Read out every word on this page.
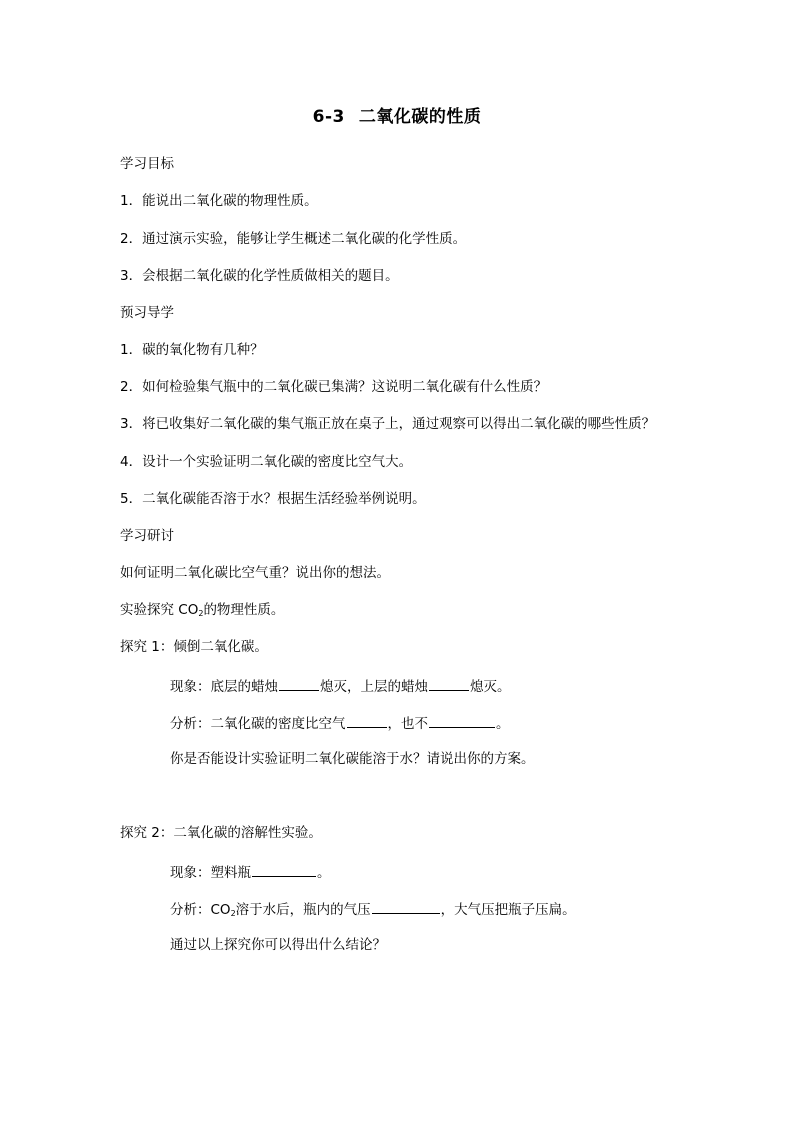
6-3 二氧化碳的性质
学习目标
1．能说出二氧化碳的物理性质。
2．通过演示实验，能够让学生概述二氧化碳的化学性质。
3．会根据二氧化碳的化学性质做相关的题目。
预习导学
1．碳的氧化物有几种？
2．如何检验集气瓶中的二氧化碳已集满？这说明二氧化碳有什么性质？
3．将已收集好二氧化碳的集气瓶正放在桌子上，通过观察可以得出二氧化碳的哪些性质？
4．设计一个实验证明二氧化碳的密度比空气大。
5．二氧化碳能否溶于水？根据生活经验举例说明。
学习研讨
如何证明二氧化碳比空气重？说出你的想法。
实验探究 $CO_2$的物理性质。
探究 1：倾倒二氧化碳。
现象：底层的蜡烛	熄灭，上层的蜡烛	熄灭。
分析：二氧化碳的密度比空气	，也不	。
你是否能设计实验证明二氧化碳能溶于水？请说出你的方案。
探究 2：二氧化碳的溶解性实验。
现象：塑料瓶	。
分析：$CO_2$溶于水后，瓶内的气压	，大气压把瓶子压扁。
通过以上探究你可以得出什么结论？
